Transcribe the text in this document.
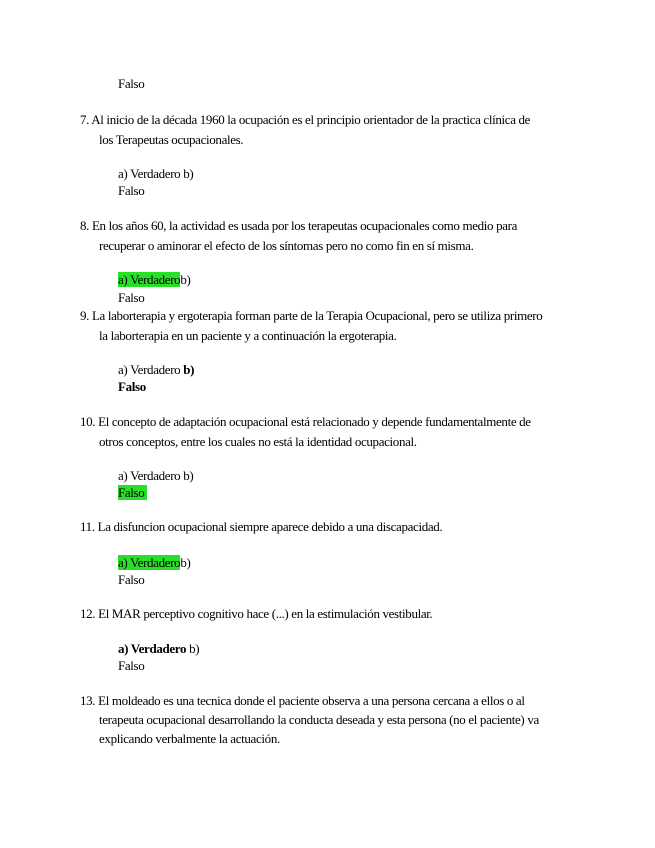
Falso
7. Al inicio de la década 1960 la ocupación es el principio orientador de la practica clínica de
los Terapeutas ocupacionales.
a) Verdadero b)
Falso
8. En los años 60, la actividad es usada por los terapeutas ocupacionales como medio para
recuperar o aminorar el efecto de los síntomas pero no como fin en sí misma.
a) Verdaderob)
Falso
9. La laborterapia y ergoterapia forman parte de la Terapia Ocupacional, pero se utiliza primero
la laborterapia en un paciente y a continuación la ergoterapia.
a) Verdadero b)
Falso
10. El concepto de adaptación ocupacional está relacionado y depende fundamentalmente de
otros conceptos, entre los cuales no está la identidad ocupacional.
a) Verdadero b)
Falso
11. La disfuncion ocupacional siempre aparece debido a una discapacidad.
a) Verdaderob)
Falso
12. El MAR perceptivo cognitivo hace (...) en la estimulación vestibular.
a) Verdadero b)
Falso
13. El moldeado es una tecnica donde el paciente observa a una persona cercana a ellos o al
terapeuta ocupacional desarrollando la conducta deseada y esta persona (no el paciente) va
explicando verbalmente la actuación.
